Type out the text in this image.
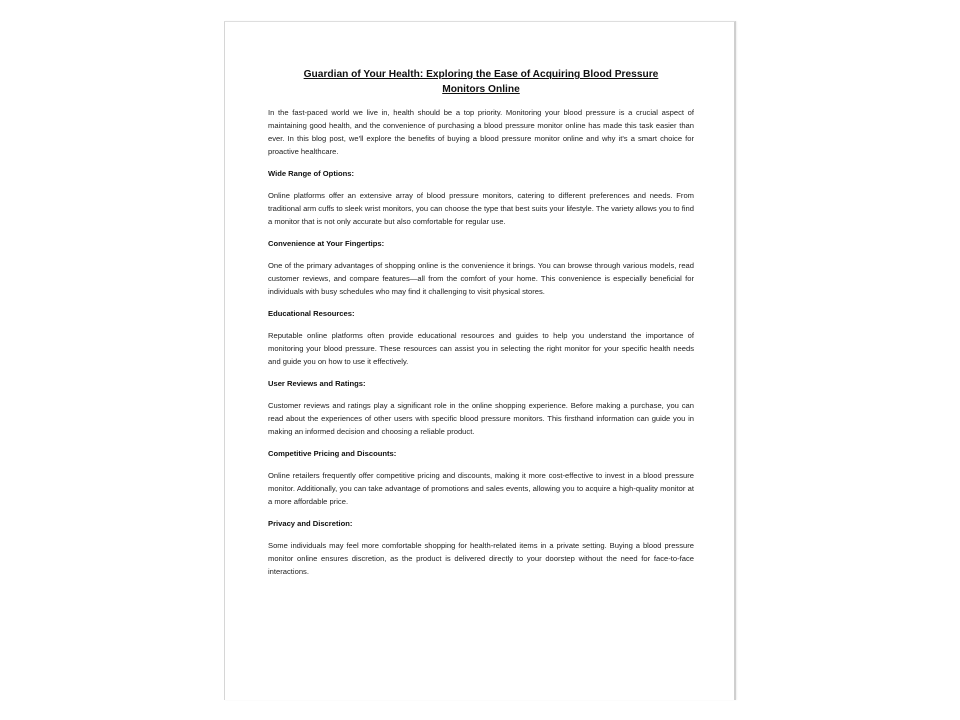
Guardian of Your Health: Exploring the Ease of Acquiring Blood Pressure Monitors Online

In the fast-paced world we live in, health should be a top priority. Monitoring your blood pressure is a crucial aspect of maintaining good health, and the convenience of purchasing a blood pressure monitor online has made this task easier than ever. In this blog post, we'll explore the benefits of buying a blood pressure monitor online and why it's a smart choice for proactive healthcare.

Wide Range of Options:

Online platforms offer an extensive array of blood pressure monitors, catering to different preferences and needs. From traditional arm cuffs to sleek wrist monitors, you can choose the type that best suits your lifestyle. The variety allows you to find a monitor that is not only accurate but also comfortable for regular use.

Convenience at Your Fingertips:

One of the primary advantages of shopping online is the convenience it brings. You can browse through various models, read customer reviews, and compare features—all from the comfort of your home. This convenience is especially beneficial for individuals with busy schedules who may find it challenging to visit physical stores.

Educational Resources:

Reputable online platforms often provide educational resources and guides to help you understand the importance of monitoring your blood pressure. These resources can assist you in selecting the right monitor for your specific health needs and guide you on how to use it effectively.

User Reviews and Ratings:

Customer reviews and ratings play a significant role in the online shopping experience. Before making a purchase, you can read about the experiences of other users with specific blood pressure monitors. This firsthand information can guide you in making an informed decision and choosing a reliable product.

Competitive Pricing and Discounts:

Online retailers frequently offer competitive pricing and discounts, making it more cost-effective to invest in a blood pressure monitor. Additionally, you can take advantage of promotions and sales events, allowing you to acquire a high-quality monitor at a more affordable price.

Privacy and Discretion:

Some individuals may feel more comfortable shopping for health-related items in a private setting. Buying a blood pressure monitor online ensures discretion, as the product is delivered directly to your doorstep without the need for face-to-face interactions.
